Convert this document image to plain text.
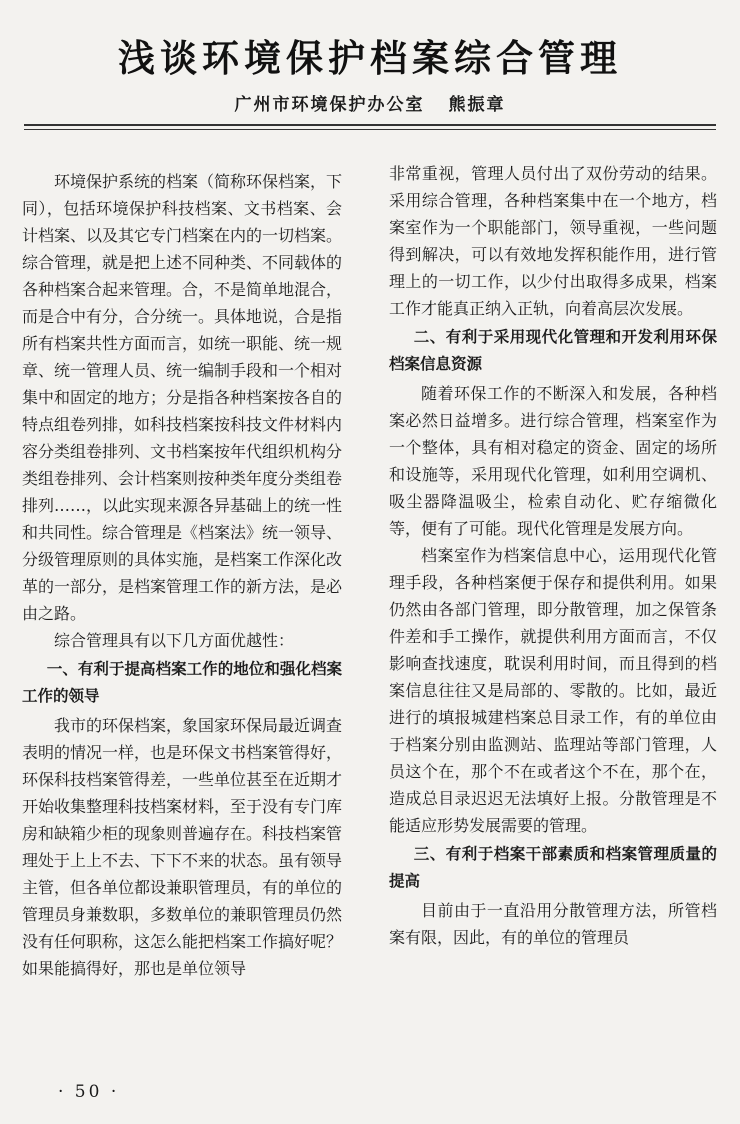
浅谈环境保护档案综合管理
广州市环境保护办公室 熊振章

环境保护系统的档案（简称环保档案，下同），包括环境保护科技档案、文书档案、会计档案、以及其它专门档案在内的一切档案。综合管理，就是把上述不同种类、不同载体的各种档案合起来管理。合，不是简单地混合，而是合中有分，合分统一。具体地说，合是指所有档案共性方面而言，如统一职能、统一规章、统一管理人员、统一编制手段和一个相对集中和固定的地方；分是指各种档案按各自的特点组卷列排，如科技档案按科技文件材料内容分类组卷排列、文书档案按年代组织机构分类组卷排列、会计档案则按种类年度分类组卷排列……，以此实现来源各异基础上的统一性和共同性。综合管理是《档案法》统一领导、分级管理原则的具体实施，是档案工作深化改革的一部分，是档案管理工作的新方法，是必由之路。

综合管理具有以下几方面优越性：

一、有利于提高档案工作的地位和强化档案工作的领导

我市的环保档案，象国家环保局最近调查表明的情况一样，也是环保文书档案管得好，环保科技档案管得差，一些单位甚至在近期才开始收集整理科技档案材料，至于没有专门库房和缺箱少柜的现象则普遍存在。科技档案管理处于上上不去、下下不来的状态。虽有领导主管，但各单位都设兼职管理员，有的单位的管理员身兼数职，多数单位的兼职管理员仍然没有任何职称，这怎么能把档案工作搞好呢？如果能搞得好，那也是单位领导

非常重视，管理人员付出了双份劳动的结果。采用综合管理，各种档案集中在一个地方，档案室作为一个职能部门，领导重视，一些问题得到解决，可以有效地发挥积能作用，进行管理上的一切工作，以少付出取得多成果，档案工作才能真正纳入正轨，向着高层次发展。

二、有利于采用现代化管理和开发利用环保档案信息资源

随着环保工作的不断深入和发展，各种档案必然日益增多。进行综合管理，档案室作为一个整体，具有相对稳定的资金、固定的场所和设施等，采用现代化管理，如利用空调机、吸尘器降温吸尘，检索自动化、贮存缩微化等，便有了可能。现代化管理是发展方向。

档案室作为档案信息中心，运用现代化管理手段，各种档案便于保存和提供利用。如果仍然由各部门管理，即分散管理，加之保管条件差和手工操作，就提供利用方面而言，不仅影响查找速度，耽误利用时间，而且得到的档案信息往往又是局部的、零散的。比如，最近进行的填报城建档案总目录工作，有的单位由于档案分别由监测站、监理站等部门管理，人员这个在，那个不在或者这个不在，那个在，造成总目录迟迟无法填好上报。分散管理是不能适应形势发展需要的管理。

三、有利于档案干部素质和档案管理质量的提高

目前由于一直沿用分散管理方法，所管档案有限，因此，有的单位的管理员

· 50 ·
